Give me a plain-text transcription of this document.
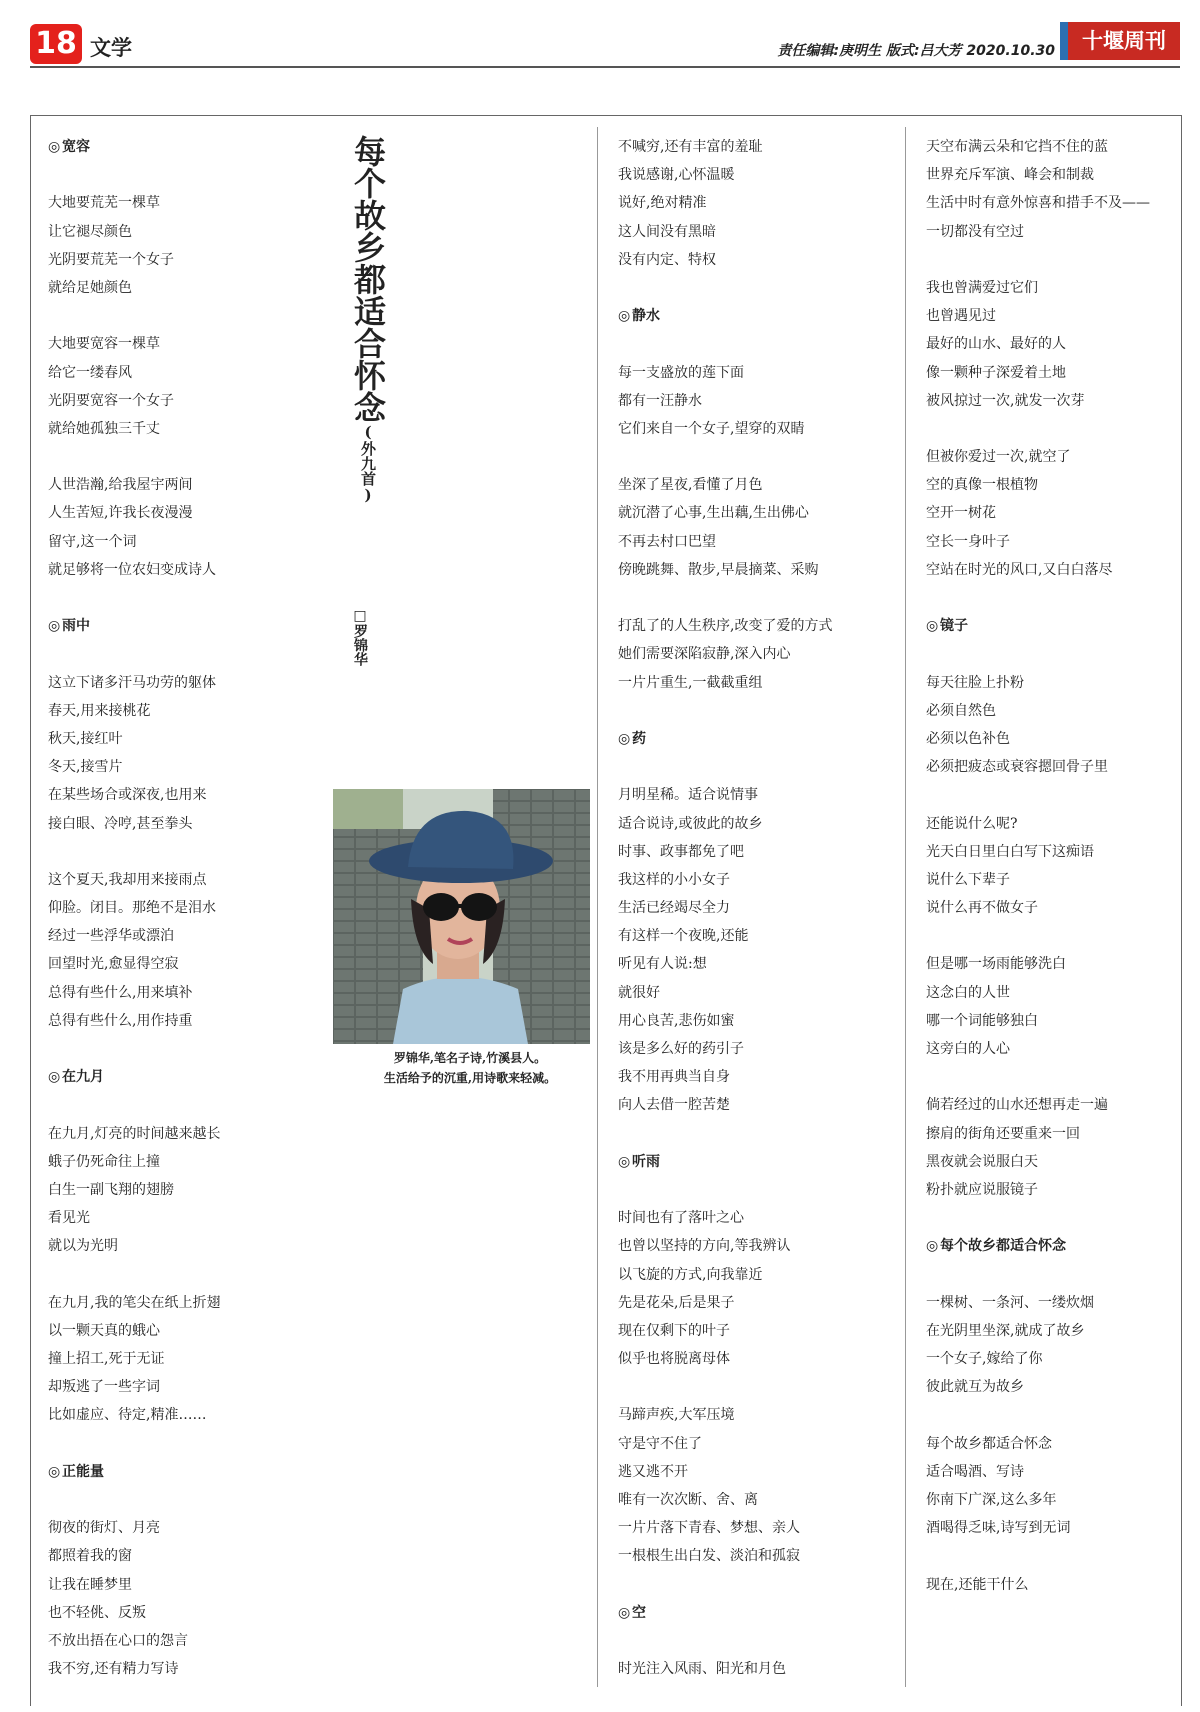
18 文学	责任编辑:庚明生 版式:吕大芳 2020.10.30	十堰周刊
◎ 宽容
大地要荒芜一棵草
让它褪尽颜色
光阴要荒芜一个女子
就给足她颜色
大地要宽容一棵草
给它一缕春风
光阴要宽容一个女子
就给她孤独三千丈
人世浩瀚,给我屋宇两间
人生苦短,许我长夜漫漫
留守,这一个词
就足够将一位农妇变成诗人
◎ 雨中
这立下诸多汗马功劳的躯体
春天,用来接桃花
秋天,接红叶
冬天,接雪片
在某些场合或深夜,也用来
接白眼、冷哼,甚至拳头
这个夏天,我却用来接雨点
仰脸。闭目。那绝不是泪水
经过一些浮华或漂泊
回望时光,愈显得空寂
总得有些什么,用来填补
总得有些什么,用作持重
◎ 在九月
在九月,灯亮的时间越来越长
蛾子仍死命往上撞
白生一副飞翔的翅膀
看见光
就以为光明
在九月,我的笔尖在纸上折翅
以一颗天真的蛾心
撞上招工,死于无证
却叛逃了一些字词
比如虚应、待定,精准……
◎ 正能量
彻夜的街灯、月亮
都照着我的窗
让我在睡梦里
也不轻佻、反叛
不放出捂在心口的怨言
我不穷,还有精力写诗
每个故乡都适合怀念(外九首)
□罗锦华
罗锦华,笔名子诗,竹溪县人。
生活给予的沉重,用诗歌来轻减。
不喊穷,还有丰富的羞耻
我说感谢,心怀温暖
说好,绝对精准
这人间没有黑暗
没有内定、特权
◎ 静水
每一支盛放的莲下面
都有一汪静水
它们来自一个女子,望穿的双睛
坐深了星夜,看懂了月色
就沉潜了心事,生出藕,生出佛心
不再去村口巴望
傍晚跳舞、散步,早晨摘菜、采购
打乱了的人生秩序,改变了爱的方式
她们需要深陷寂静,深入内心
一片片重生,一截截重组
◎ 药
月明星稀。适合说情事
适合说诗,或彼此的故乡
时事、政事都免了吧
我这样的小小女子
生活已经竭尽全力
有这样一个夜晚,还能
听见有人说:想
就很好
用心良苦,悲伤如蜜
该是多么好的药引子
我不用再典当自身
向人去借一腔苦楚
◎ 听雨
时间也有了落叶之心
也曾以坚持的方向,等我辨认
以飞旋的方式,向我靠近
先是花朵,后是果子
现在仅剩下的叶子
似乎也将脱离母体
马蹄声疾,大军压境
守是守不住了
逃又逃不开
唯有一次次断、舍、离
一片片落下青春、梦想、亲人
一根根生出白发、淡泊和孤寂
◎ 空
时光注入风雨、阳光和月色
天空布满云朵和它挡不住的蓝
世界充斥军演、峰会和制裁
生活中时有意外惊喜和措手不及——
一切都没有空过
我也曾满爱过它们
也曾遇见过
最好的山水、最好的人
像一颗种子深爱着土地
被风掠过一次,就发一次芽
但被你爱过一次,就空了
空的真像一根植物
空开一树花
空长一身叶子
空站在时光的风口,又白白落尽
◎ 镜子
每天往脸上扑粉
必须自然色
必须以色补色
必须把疲态或衰容摁回骨子里
还能说什么呢?
光天白日里白白写下这痴语
说什么下辈子
说什么再不做女子
但是哪一场雨能够洗白
这念白的人世
哪一个词能够独白
这旁白的人心
倘若经过的山水还想再走一遍
擦肩的街角还要重来一回
黑夜就会说服白天
粉扑就应说服镜子
◎ 每个故乡都适合怀念
一棵树、一条河、一缕炊烟
在光阴里坐深,就成了故乡
一个女子,嫁给了你
彼此就互为故乡
每个故乡都适合怀念
适合喝酒、写诗
你南下广深,这么多年
酒喝得乏味,诗写到无词
现在,还能干什么
